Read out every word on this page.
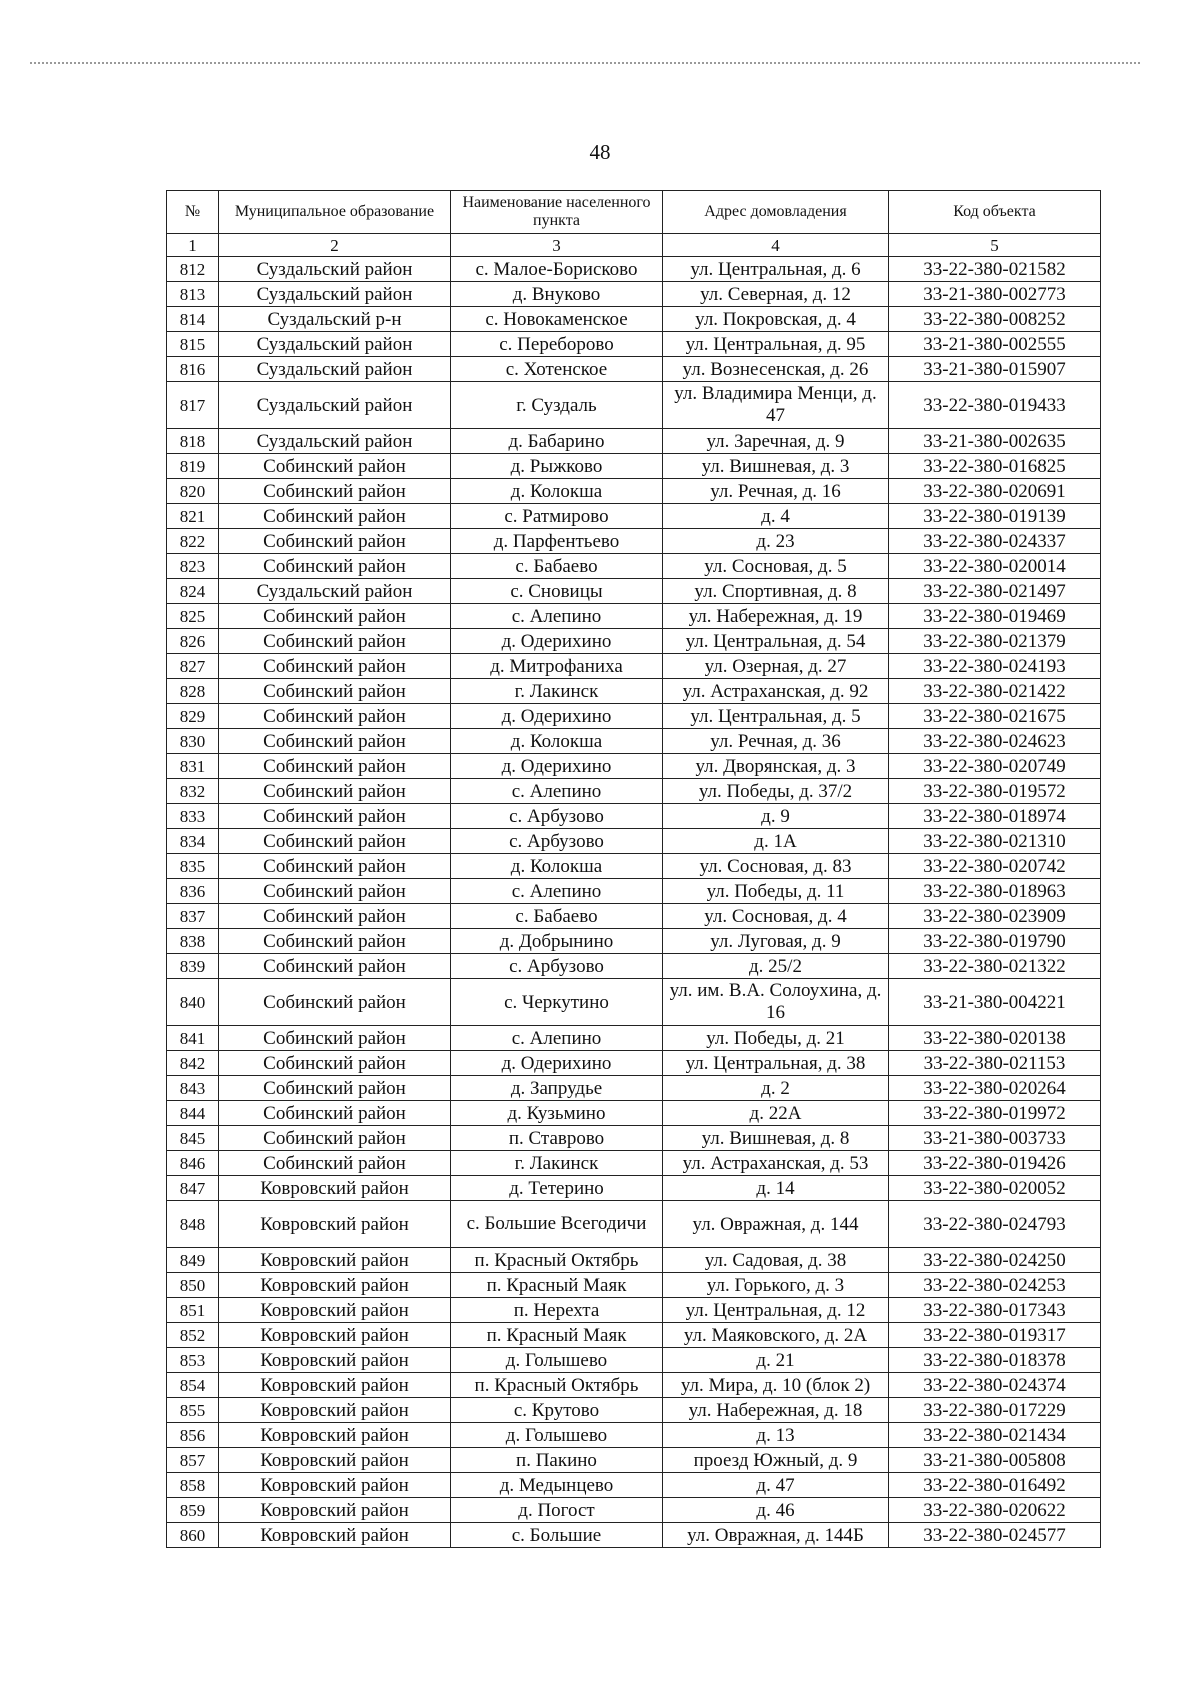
48
№	Муниципальное образование	Наименование населенного пункта	Адрес домовладения	Код объекта
1	2	3	4	5
812	Суздальский район	с. Малое-Борисково	ул. Центральная, д. 6	33-22-380-021582
813	Суздальский район	д. Внуково	ул. Северная, д. 12	33-21-380-002773
814	Суздальский р-н	с. Новокаменское	ул. Покровская, д. 4	33-22-380-008252
815	Суздальский район	с. Переборово	ул. Центральная, д. 95	33-21-380-002555
816	Суздальский район	с. Хотенское	ул. Вознесенская, д. 26	33-21-380-015907
817	Суздальский район	г. Суздаль	ул. Владимира Менци, д. 47	33-22-380-019433
818	Суздальский район	д. Бабарино	ул. Заречная, д. 9	33-21-380-002635
819	Собинский район	д. Рыжково	ул. Вишневая, д. 3	33-22-380-016825
820	Собинский район	д. Колокша	ул. Речная, д. 16	33-22-380-020691
821	Собинский район	с. Ратмирово	д. 4	33-22-380-019139
822	Собинский район	д. Парфентьево	д. 23	33-22-380-024337
823	Собинский район	с. Бабаево	ул. Сосновая, д. 5	33-22-380-020014
824	Суздальский район	с. Сновицы	ул. Спортивная, д. 8	33-22-380-021497
825	Собинский район	с. Алепино	ул. Набережная, д. 19	33-22-380-019469
826	Собинский район	д. Одерихино	ул. Центральная, д. 54	33-22-380-021379
827	Собинский район	д. Митрофаниха	ул. Озерная, д. 27	33-22-380-024193
828	Собинский район	г. Лакинск	ул. Астраханская, д. 92	33-22-380-021422
829	Собинский район	д. Одерихино	ул. Центральная, д. 5	33-22-380-021675
830	Собинский район	д. Колокша	ул. Речная, д. 36	33-22-380-024623
831	Собинский район	д. Одерихино	ул. Дворянская, д. 3	33-22-380-020749
832	Собинский район	с. Алепино	ул. Победы, д. 37/2	33-22-380-019572
833	Собинский район	с. Арбузово	д. 9	33-22-380-018974
834	Собинский район	с. Арбузово	д. 1А	33-22-380-021310
835	Собинский район	д. Колокша	ул. Сосновая, д. 83	33-22-380-020742
836	Собинский район	с. Алепино	ул. Победы, д. 11	33-22-380-018963
837	Собинский район	с. Бабаево	ул. Сосновая, д. 4	33-22-380-023909
838	Собинский район	д. Добрынино	ул. Луговая, д. 9	33-22-380-019790
839	Собинский район	с. Арбузово	д. 25/2	33-22-380-021322
840	Собинский район	с. Черкутино	ул. им. В.А. Солоухина, д. 16	33-21-380-004221
841	Собинский район	с. Алепино	ул. Победы, д. 21	33-22-380-020138
842	Собинский район	д. Одерихино	ул. Центральная, д. 38	33-22-380-021153
843	Собинский район	д. Запрудье	д. 2	33-22-380-020264
844	Собинский район	д. Кузьмино	д. 22А	33-22-380-019972
845	Собинский район	п. Ставрово	ул. Вишневая, д. 8	33-21-380-003733
846	Собинский район	г. Лакинск	ул. Астраханская, д. 53	33-22-380-019426
847	Ковровский район	д. Тетерино	д. 14	33-22-380-020052
848	Ковровский район	с. Большие Всегодичи	ул. Овражная, д. 144	33-22-380-024793
849	Ковровский район	п. Красный Октябрь	ул. Садовая, д. 38	33-22-380-024250
850	Ковровский район	п. Красный Маяк	ул. Горького, д. 3	33-22-380-024253
851	Ковровский район	п. Нерехта	ул. Центральная, д. 12	33-22-380-017343
852	Ковровский район	п. Красный Маяк	ул. Маяковского, д. 2А	33-22-380-019317
853	Ковровский район	д. Голышево	д. 21	33-22-380-018378
854	Ковровский район	п. Красный Октябрь	ул. Мира, д. 10 (блок 2)	33-22-380-024374
855	Ковровский район	с. Крутово	ул. Набережная, д. 18	33-22-380-017229
856	Ковровский район	д. Голышево	д. 13	33-22-380-021434
857	Ковровский район	п. Пакино	проезд Южный, д. 9	33-21-380-005808
858	Ковровский район	д. Медынцево	д. 47	33-22-380-016492
859	Ковровский район	д. Погост	д. 46	33-22-380-020622
860	Ковровский район	с. Большие	ул. Овражная, д. 144Б	33-22-380-024577
